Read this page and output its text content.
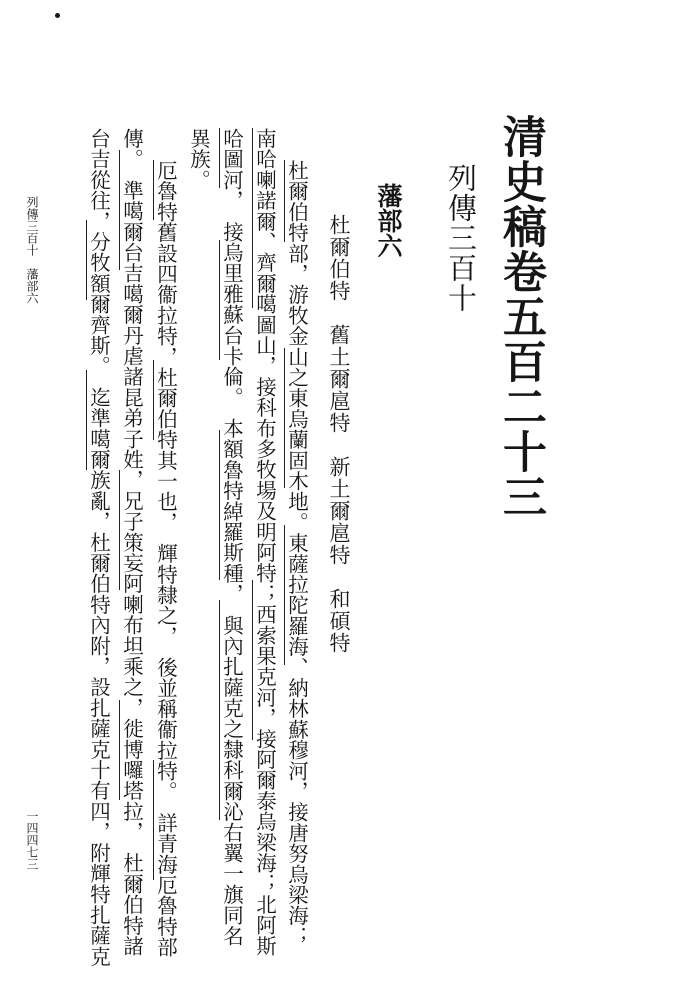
清史稿卷五百二十三
列傳三百十
藩部六
杜爾伯特　舊土爾扈特　新土爾扈特　和碩特
杜爾伯特部，游牧金山之東烏蘭固木地。東薩拉陀羅海、納林蘇穆河，接唐努烏梁海；
南哈喇諾爾、齊爾噶圖山，接科布多牧場及明阿特；西索果克河，接阿爾泰烏梁海；北阿斯
哈圖河，　接烏里雅蘇台卡倫。　本額魯特綽羅斯種，　與內扎薩克之隸科爾沁右翼一旗同名
異族。
厄魯特舊設四衞拉特，杜爾伯特其一也，　輝特隸之，　後並稱衞拉特。　詳青海厄魯特部
傳。　準噶爾台吉噶爾丹虐諸昆弟子姓，兄子策妄阿喇布坦乘之，徙博囉塔拉，　杜爾伯特諸
台吉從往，分牧額爾齊斯。　迄準噶爾族亂，杜爾伯特內附，設扎薩克十有四，附輝特扎薩克
列傳三百十　藩部六
一四四七三
